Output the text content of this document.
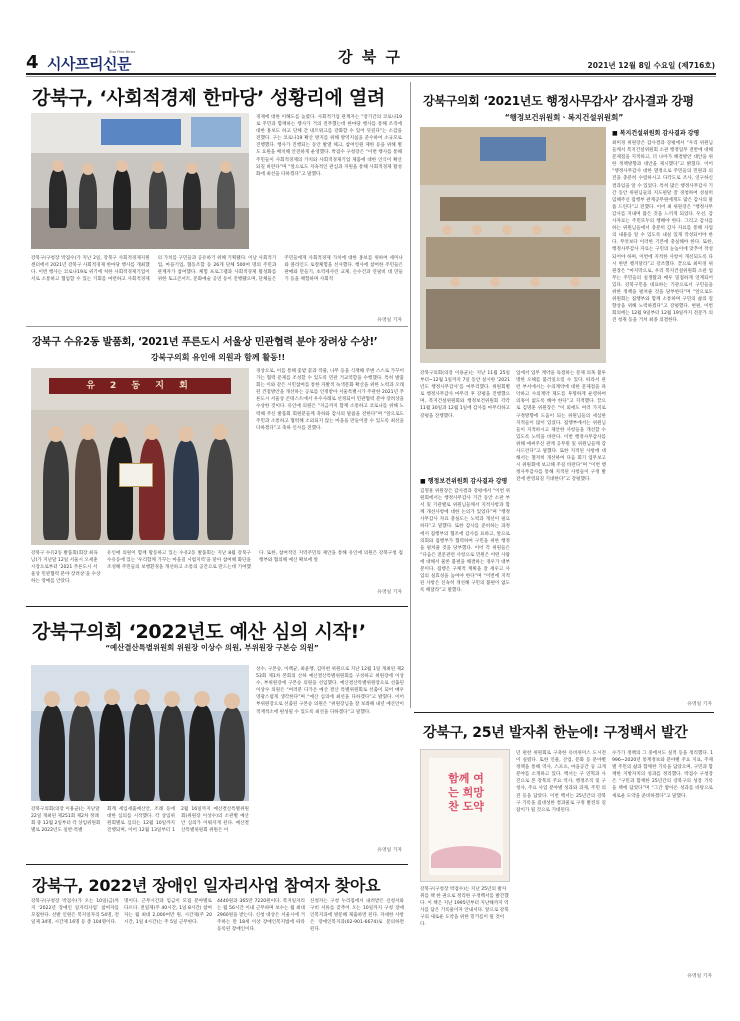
4 시사프리신문
Sisa Free News	강 북 구	2021년 12월 8일 수요일 (제716호)
강북구, ‘사회적경제 한마당’ 성황리에 열려
경제에 대한 이해도를 높였다. 사회적기업 관계자는 “장기간의 코로나19로 주민과 함께하는 행사가 거의 전무했는데 한마당 행사를 통해 조직에 대한 홍보도 하고 단체 간 네트워크를 강화할 수 있어 뜻깊다”는 소감을 전했다. 구는 코로나19 확산 방지를 위해 방역지침을 준수하여 소규모로 진행했다. 행사가 진행되는 동안 발열 체크, 참여인원 제한 등을 위해 별도 요원을 배치해 안전하게 운영했다. 박겸수 구청장은 “이번 행사를 통해 주민들이 사회적경제의 가치와 사회적경제기업 제품에 대한 인식이 확산되길 바란다”며 “앞으로도 지속적인 관심과 지원을 통해 사회적경제 활성화에 최선을 다하겠다”고 말했다.
강북구(구청장 박겸수)가 지난 2일, 강북구 사회적경제지원센터에서 2021년 강북구 사회적경제 한마당 행사를 개최했다. 이번 행사는 코로나19로 위기에 처한 사회적경제기업이 서로 소통하고 협업할 수 있는 기회를 마련하고 사회적경제의 가치를 구민들과 공유하기 위해 기획됐다. 이날 사회적기업, 마을기업, 협동조합 등 26개 단체 500여 명의 주민과 관계자가 참여했다. 체험 프로그램과 사회적경제 활성화를 위한 토크콘서트, 문화예술 공연 등이 진행됐으며, 단체들은 주민들에게 사회적경제 가치에 대한 홍보를 위하여 세미나와 블라인드 로컬체험을 선사했다. 행사에 참여한 주민들은 판매와 만들기, 초역세사린 교제, 손수건과 연필비 대 만들기 등을 체험하며 사회적
유영일 기자
강북구 수유2동 발품회, ‘2021년 푸른도시 서울상 민관협력 분야 장려상 수상!’
강북구의회 유인애 의원과 함께 활동!!
유 2 동 지 회
경상으로, 이를 통해 꽃밭 꽃과 작물, 나무 등을 식재해 주변 스스로 가꾸어가는 협력 문제를 조성할 수 있도록 민관 거교역할을 수행했다. 특히 발품회는 이와 같은 시민참여를 통한 자발적 녹색문화 확산을 위한 노력과 오래된 건점방안을 개선하는 공로를 인정받아 서울특별시가 주관한 2021년 푸른도시 서울상 콘테스트에서 우수사례로 선정되어 민관협력 분야 장려상을 수상한 것이다. 유인애 의원은 “지금까지 함께 소통하고 코로나를 위해 노력해 주신 발품회 회원분들께 축하와 감사의 말씀을 전한다”며 “앞으로도 주민과 소통하고 협력해 소외되지 않는 마을을 만들어갈 수 있도록 최선을 다하겠다”고 축하 인사를 전했다.
강북구 수유2동 발품회(회장 최육남)가 지난달 12일 서울시 오세훈 시장으로부터 ‘2021 푸른도시 서울상 민관협력 분야 장려상’을 수상하는 영예를 안았다.
유인애 의원이 함께 활동하고 있는 수유2동 발품회는 지난 8월 강북구 수유동에 있는 ‘우리함께 가꾸는 마을길 시범지역’을 맡아 참여해 화단을 조성해 주민들의 보행환경을 개선하고 소통의 공간으로 만드는데 기여했다. 또한, 참여적인 지역주민의 제안을 통해 유인애 의원은 강북구청 집행부와 협의해 예산 확보에 앞
유영일 기자
강북구의회 ‘2021년도 행정사무감사’ 감사결과 강평
“행정보건위원회ㆍ복지건설위원회”
■ 복지건설위원회 감사결과 강평
최미경 위원장은 감사결과 강평에서 “우리 위원님들께서 복지건설위원회 소관 행정업무 전반에 대해 문제점을 지적하고, 더 나아가 해결방안 대안을 위한 정책방향과 대안을 제시했다”고 밝혔다. 이어 “행정사무감사 대한 열정으로 주민들의 민원과 의견을 충분히 수렴하시고 다각도로 조사, 연구하신 결과임을 알 수 있었다. 특히 많은 행정사무감사 기간 동안 위원님들의 지도편달 잘 경청하여 성실히 임해주신 집행부 관계공무원에게도 많은 감사의 말씀 드린다”고 전했다. 이어 최 위원장은 “행정사무감사를 지내며 많은 것을 느끼게 되었다. 우선, 감사자료는 주민모두의 행해야 한다. 그리고 감사를 하는 위원님들에서 충분히 감사 자료를 통해 사업의 내용을 알 수 있도록 내실 있게 작성되어야 한다. 무엇보다 이러한 기본에 충실해야 한다. 또한, 행정사무감사 자료는 구민의 눈높이에 맞추어 작성되어야 하며, 이번에 지적한 사항이 개선되도록 다시 한번 챙겨달라”고 강조했다. 끝으로 최미경 위원장은 “마지막으로, 우리 복지건설위원회 소관 업무는 주민들의 실생활과 매우 밀접하게 연계되어 있다. 강북구민을 대표하는 기관으로서 구민들을 위한 정책을 펼쳐줄 것을 당부한다”며 “앞으로도 위원회는 집행부와 함께 소통하며 구민의 삶의 질 향상을 위해 노력하겠다”고 강평했다. 현편, 이번 회의에는 12월 9일부터 12월 19일까지 전문가 의견 청취 등을 거쳐 최종 의결한다.
강북구의회(의장 이용균)는 지난 11월 25일부터~12월 1일까지 7일 동안 실시한 ‘2021년도 행정사무감사’를 마무리했다. 위원회별로 행정사무감사 마무리 후 강평을 진행했으며, 복지건설위원회와 행정보건위원회 각각 11월 30일과 12월 1일에 감사를 마무리하고 강평을 진행했다.
■ 행정보건위원회 감사결과 강평
김명훈 위원장은 감사결과 강평에서 “이번 위원회에서는 행정사무감사 기간 동안 소관 부서 및 기관별로 위원님들께서 지적사항과 함께 개선사항에 대한 논의가 있었다”며 “행정사무감사 자료 충실도는 노력과 개선이 필요하다”고 말했다. 또한 감사를 준비하는 과정에서 집행부의 협조에 감사를 표하고, 앞으로 의회와 집행부가 협력하여 구민을 위한 행정을 펼쳐줄 것을 당부했다. 이어 각 위원들은 “다음은 전문관련 사항으로 민원은 어떤 사람에 대해서 물론 불편을 해결하는 경우가 대부분이다. 집행은 구체적 계획을 잘 세우고 사업의 실효성을 높여야 한다”며 “이번에 지적된 사항은 신속히 개선해 구민의 불편이 없도록 해달라”고 말했다.
업에서 업무 계약을 독점하는 문제 의혹 불투명한 오해를 불러일으킬 수 있다. 따라서 관련 부서에서는 수의계약에 대한 문제점을 파악하고 수의계약 제도를 투명하게 운영하여 의혹이 없도록 해야 한다”고 지적했다. 끝으로 김명훈 위원장은 “이 외에도 여러 가지로 구정방향에 도움이 되는 위원님들의 세심한 지적들이 많이 있었다. 집행부에서는 위원님들이 지적하시고 제안한 사항들을 개선할 수 있도록 노력을 바란다. 이번 행정사무감사를 위해 애써주신 관계 공무원 및 위원님들께 감사드린다”고 말했다. 또한 지적된 사항에 대해서는 철저히 개선하여 다음 회기 업무보고 시 위원회에 보고해 주길 바란다”며 “이번 행정사무감사를 통해 지적된 사항들이 구정 발전에 반영되길 기대한다”고 강평했다.
유영일 기자
강북구의회 ‘2022년도 예산 심의 시작!’
“예산결산특별위원회 위원장 이상수 의원, 부위원장 구본승 의원”
상수, 구본승, 이백균, 최윤행, 김미현 위원으로 지난 12월 1일 개최된 제253회 제1차 본회의 산하 예산결산특별위원회를 구성하고 위원장에 이상수, 부위원장에 구본승 의원을 선임했다. 예산결산특별위원장으로 선출된 이상수 의원은 “여러분 다가온 예산 결산 특별위원회로 선출이 되어 매우 영광스럽게 생각한다”며 “예산 심의에 최선을 다하겠다”고 밝혔다. 이어 부위원장으로 선출된 구본승 의원은 “위원장님을 잘 보좌해 내년 예산안이 적재적소에 편성될 수 있도록 최선을 다하겠다”고 말했다.
강북구의회(의장 이용균)는 지난달 22일 개최된 제251회 제2차 정례회 중 12월 2일부터 각 상임위원회별로 2022년도 일반·특별
회계 세입세출예산안, 조례 등에 대한 심의를 시작했다. 각 상임위원회별로 심의는 12월 10일까지 진행되며, 이어 12월 13일부터 12월 16일까지 예산결산특별위원회(위원장 이상수)의 소관별 예산안 심의가 이뤄지게 된다. 예산결산특별위원회 위원은 이
유영일 기자
강북구, 25년 발자취 한눈에! 구정백서 발간
함께 여는 희망찬 도약
년 편찬 위원회로 구축한 유비위미스 도시전이 실렸다. 또한 인물, 산업, 문화 등 분야별 정책을 통해 역사, 스포츠, 마을공간 등 크게 분야를 소개하고 있다. 백서는 구 연혁과 사진으로 본 강북의 주요 역사, 행정조직 및 구청사, 주요 사업 분야별 성과와 과제, 주민 의견 등을 담았다. 이번 백서는 25년간의 강북구 기록을 집대성한 결과물로 구정 발전의 길잡이가 될 것으로 기대된다.
수가가 정책의 그 중에서도 실적 등을 정리했다. 1996~2020년 통계정보와 분야별 주요 지표, 주제별 주민의 삶과 함께한 기록을 담았으며, 구민과 함께한 지방자치의 성과를 정리했다. 박겸수 구청장은 “구민과 함께한 25년간의 강북구의 성장 기록을 책에 담았다”며 “그간 쌓아온 성과를 바탕으로 새로운 도약을 준비하겠다”고 말했다.
강북구(구청장 박겸수)는 지난 25년의 발자취를 책 한 권으로 정리한 구정백서를 발간했다. 이 책은 지난 1995년부터 지난해까지 역사를 담은 기록물이자 안내서다. 앞으로 강북구의 새로운 도약을 위한 밑거름이 될 것이다.
유영일 기자
강북구, 2022년 장애인 일자리사업 참여자 찾아요
강북구(구청장 박겸수)가 오는 10일(금)까지 ‘2022년 장애인 일자리사업’ 참여자를 모집한다. 선발 인원은 복지일자리 54명, 전일제 34명, 시간제 16명 등 총 104명이다.
명이다. 근무시간과 임금이 모집 분야별로 다르다. 전일제(주 40시간, 1일 8시간) 참여자는 월 최대 2,000여만 원, 시간제(주 20시간, 1일 4시간)는 주 5일 근무한다.
4440원과 365만 7220원이다. 복지일자리는 월 56시간 이내 근무하며 보수는 월 최대 2960원을 받는다. 신청 대상은 서울시에 거주하는 만 18세 이상 장애인복지법에 따라 등록된 장애인이다.
신청자는 구청 누리집에서 내려받은 신청서와 구비 서류를 갖추어 오는 10일까지 구청 장애인복지과에 방문해 제출하면 된다. 자세한 사항은 장애인복지과(02-901-6674)로 문의하면 된다.
